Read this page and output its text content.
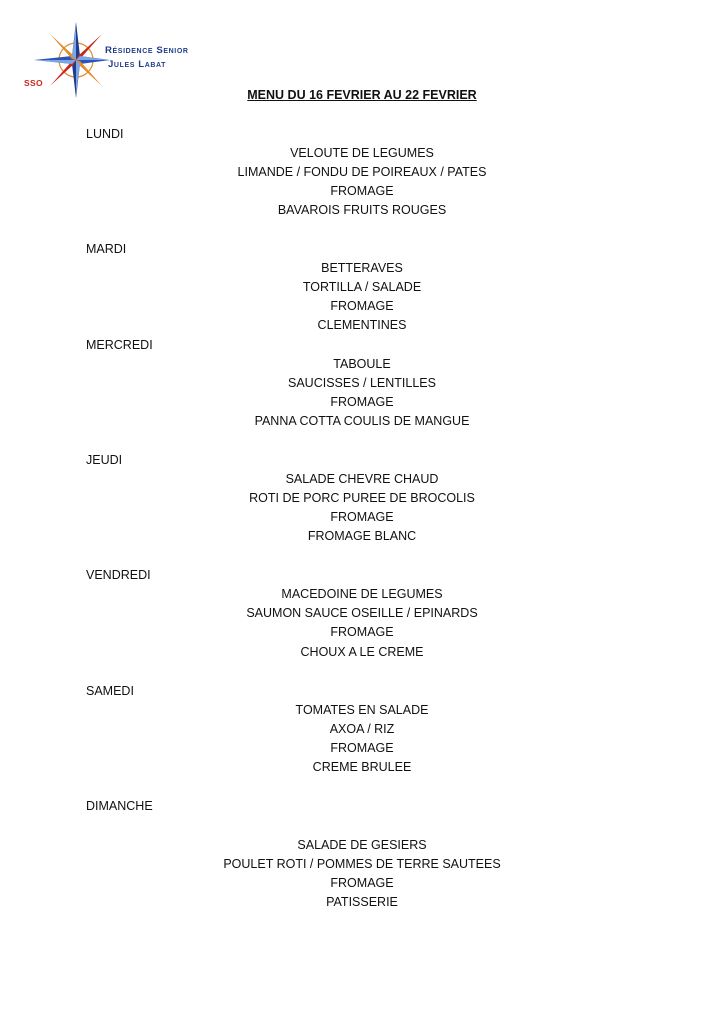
SSO
Résidence Senior
Jules Labat
MENU DU 16 FEVRIER AU 22 FEVRIER
LUNDI
VELOUTE DE LEGUMES
LIMANDE / FONDU DE POIREAUX / PATES
FROMAGE
BAVAROIS FRUITS ROUGES
MARDI
BETTERAVES
TORTILLA / SALADE
FROMAGE
CLEMENTINES
MERCREDI
TABOULE
SAUCISSES / LENTILLES
FROMAGE
PANNA COTTA COULIS DE MANGUE
JEUDI
SALADE CHEVRE CHAUD
ROTI DE PORC PUREE DE BROCOLIS
FROMAGE
FROMAGE BLANC
VENDREDI
MACEDOINE DE LEGUMES
SAUMON SAUCE OSEILLE / EPINARDS
FROMAGE
CHOUX A LE CREME
SAMEDI
TOMATES EN SALADE
AXOA / RIZ
FROMAGE
CREME BRULEE
DIMANCHE
SALADE DE GESIERS
POULET ROTI / POMMES DE TERRE SAUTEES
FROMAGE
PATISSERIE
